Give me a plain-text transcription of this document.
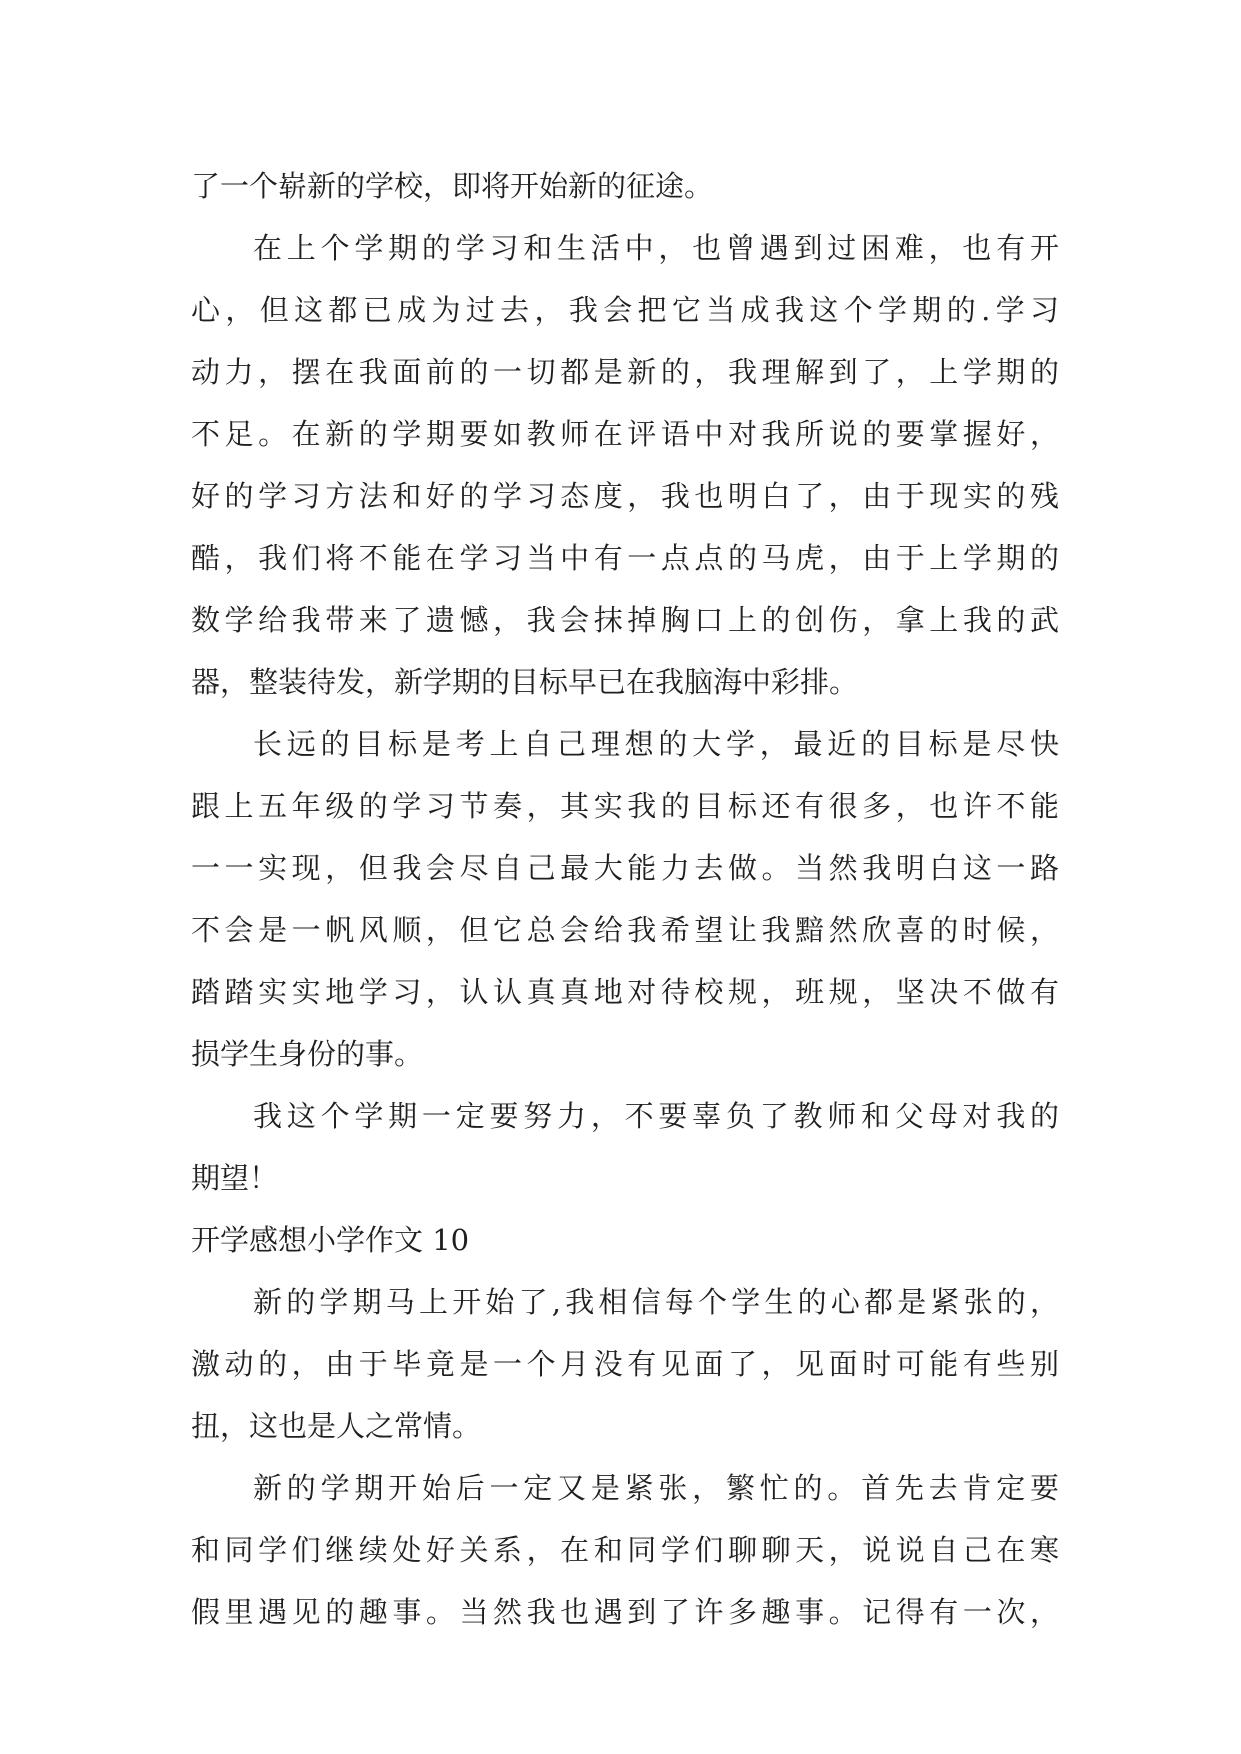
了一个崭新的学校，即将开始新的征途。
在上个学期的学习和生活中，也曾遇到过困难，也有开
心，但这都已成为过去，我会把它当成我这个学期的.学习
动力，摆在我面前的一切都是新的，我理解到了，上学期的
不足。在新的学期要如教师在评语中对我所说的要掌握好，
好的学习方法和好的学习态度，我也明白了，由于现实的残
酷，我们将不能在学习当中有一点点的马虎，由于上学期的
数学给我带来了遗憾，我会抹掉胸口上的创伤，拿上我的武
器，整装待发，新学期的目标早已在我脑海中彩排。
长远的目标是考上自己理想的大学，最近的目标是尽快
跟上五年级的学习节奏，其实我的目标还有很多，也许不能
一一实现，但我会尽自己最大能力去做。当然我明白这一路
不会是一帆风顺，但它总会给我希望让我黯然欣喜的时候，
踏踏实实地学习，认认真真地对待校规，班规，坚决不做有
损学生身份的事。
我这个学期一定要努力，不要辜负了教师和父母对我的
期望！
开学感想小学作文 10
新的学期马上开始了,我相信每个学生的心都是紧张的，
激动的，由于毕竟是一个月没有见面了，见面时可能有些别
扭，这也是人之常情。
新的学期开始后一定又是紧张，繁忙的。首先去肯定要
和同学们继续处好关系，在和同学们聊聊天，说说自己在寒
假里遇见的趣事。当然我也遇到了许多趣事。记得有一次，
